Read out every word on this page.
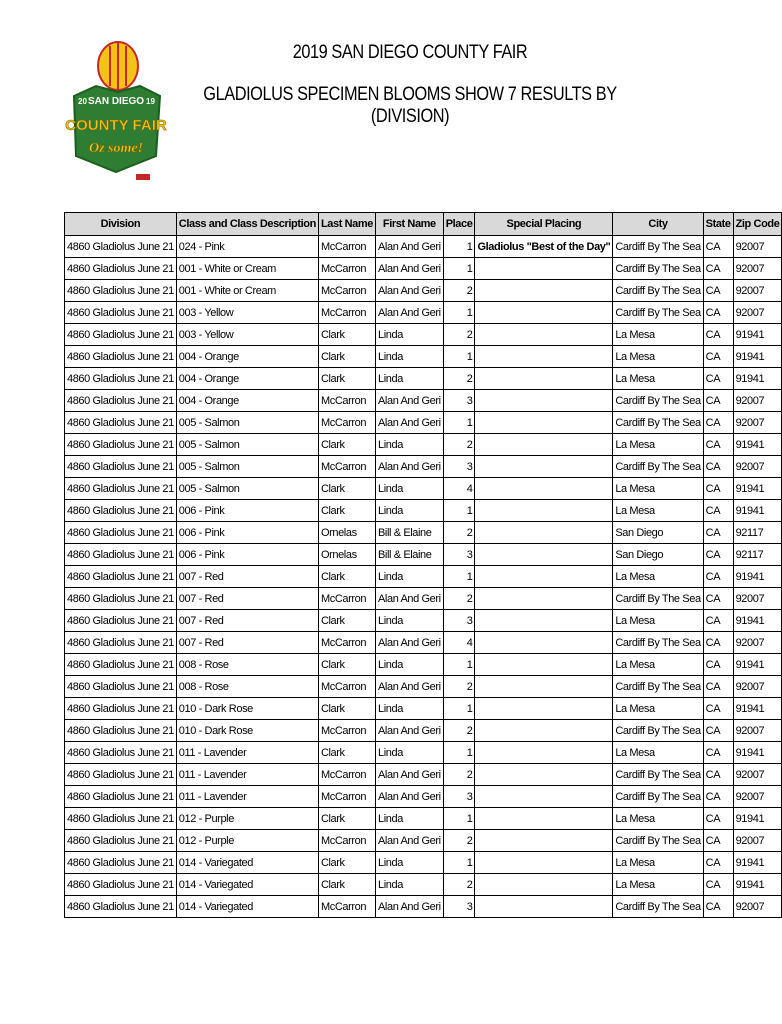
20 SAN DIEGO 19
COUNTY FAIR
Oz some!
2019 SAN DIEGO COUNTY FAIR
GLADIOLUS SPECIMEN BLOOMS SHOW 7 RESULTS BY (DIVISION)
Division	Class and Class Description	Last Name	First Name	Place	Special Placing	City	State	Zip Code
4860 Gladiolus June 21	024 - Pink	McCarron	Alan And Geri	1	Gladiolus "Best of the Day"	Cardiff By The Sea	CA	92007
4860 Gladiolus June 21	001 - White or Cream	McCarron	Alan And Geri	1		Cardiff By The Sea	CA	92007
4860 Gladiolus June 21	001 - White or Cream	McCarron	Alan And Geri	2		Cardiff By The Sea	CA	92007
4860 Gladiolus June 21	003 - Yellow	McCarron	Alan And Geri	1		Cardiff By The Sea	CA	92007
4860 Gladiolus June 21	003 - Yellow	Clark	Linda	2		La Mesa	CA	91941
4860 Gladiolus June 21	004 - Orange	Clark	Linda	1		La Mesa	CA	91941
4860 Gladiolus June 21	004 - Orange	Clark	Linda	2		La Mesa	CA	91941
4860 Gladiolus June 21	004 - Orange	McCarron	Alan And Geri	3		Cardiff By The Sea	CA	92007
4860 Gladiolus June 21	005 - Salmon	McCarron	Alan And Geri	1		Cardiff By The Sea	CA	92007
4860 Gladiolus June 21	005 - Salmon	Clark	Linda	2		La Mesa	CA	91941
4860 Gladiolus June 21	005 - Salmon	McCarron	Alan And Geri	3		Cardiff By The Sea	CA	92007
4860 Gladiolus June 21	005 - Salmon	Clark	Linda	4		La Mesa	CA	91941
4860 Gladiolus June 21	006 - Pink	Clark	Linda	1		La Mesa	CA	91941
4860 Gladiolus June 21	006 - Pink	Ornelas	Bill & Elaine	2		San Diego	CA	92117
4860 Gladiolus June 21	006 - Pink	Ornelas	Bill & Elaine	3		San Diego	CA	92117
4860 Gladiolus June 21	007 - Red	Clark	Linda	1		La Mesa	CA	91941
4860 Gladiolus June 21	007 - Red	McCarron	Alan And Geri	2		Cardiff By The Sea	CA	92007
4860 Gladiolus June 21	007 - Red	Clark	Linda	3		La Mesa	CA	91941
4860 Gladiolus June 21	007 - Red	McCarron	Alan And Geri	4		Cardiff By The Sea	CA	92007
4860 Gladiolus June 21	008 - Rose	Clark	Linda	1		La Mesa	CA	91941
4860 Gladiolus June 21	008 - Rose	McCarron	Alan And Geri	2		Cardiff By The Sea	CA	92007
4860 Gladiolus June 21	010 - Dark Rose	Clark	Linda	1		La Mesa	CA	91941
4860 Gladiolus June 21	010 - Dark Rose	McCarron	Alan And Geri	2		Cardiff By The Sea	CA	92007
4860 Gladiolus June 21	011 - Lavender	Clark	Linda	1		La Mesa	CA	91941
4860 Gladiolus June 21	011 - Lavender	McCarron	Alan And Geri	2		Cardiff By The Sea	CA	92007
4860 Gladiolus June 21	011 - Lavender	McCarron	Alan And Geri	3		Cardiff By The Sea	CA	92007
4860 Gladiolus June 21	012 - Purple	Clark	Linda	1		La Mesa	CA	91941
4860 Gladiolus June 21	012 - Purple	McCarron	Alan And Geri	2		Cardiff By The Sea	CA	92007
4860 Gladiolus June 21	014 - Variegated	Clark	Linda	1		La Mesa	CA	91941
4860 Gladiolus June 21	014 - Variegated	Clark	Linda	2		La Mesa	CA	91941
4860 Gladiolus June 21	014 - Variegated	McCarron	Alan And Geri	3		Cardiff By The Sea	CA	92007
